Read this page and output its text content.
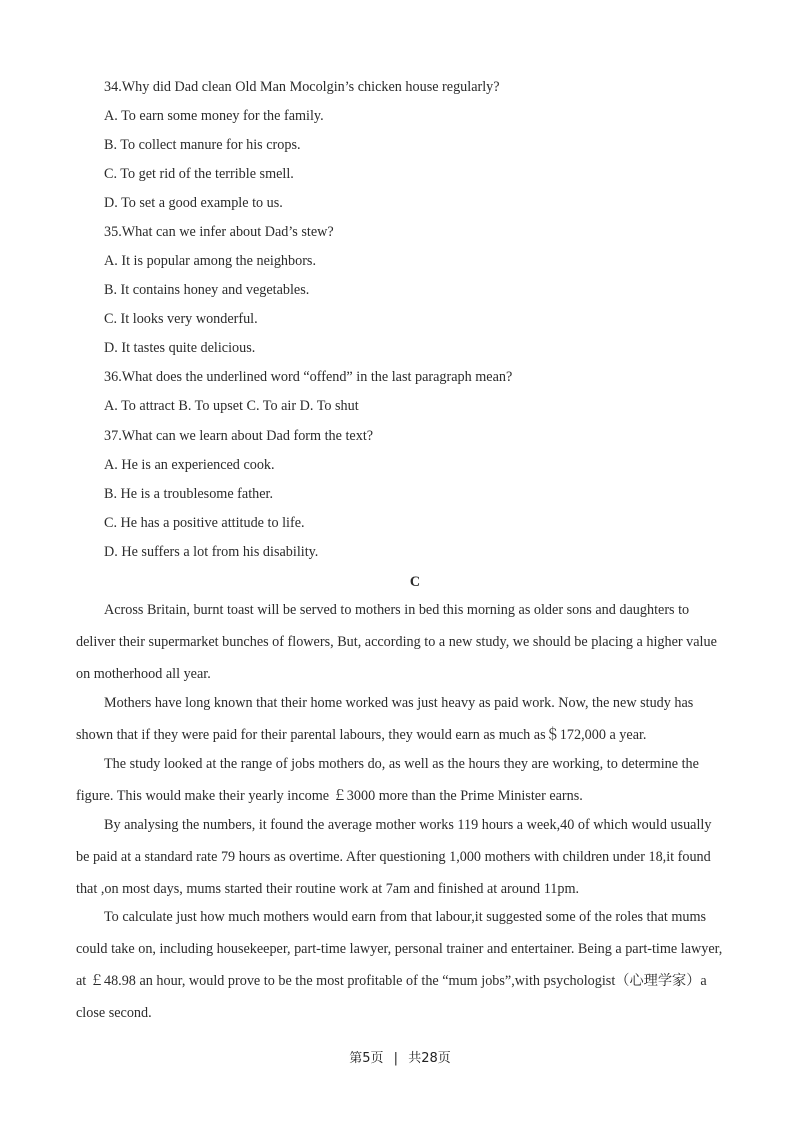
34.Why did Dad clean Old Man Mocolgin’s chicken house regularly?
A. To earn some money for the family.
B. To collect manure for his crops.
C. To get rid of the terrible smell.
D. To set a good example to us.
35.What can we infer about Dad’s stew?
A. It is popular among the neighbors.
B. It contains honey and vegetables.
C. It looks very wonderful.
D. It tastes quite delicious.
36.What does the underlined word “offend” in the last paragraph mean?
A. To attract B. To upset C. To air D. To shut
37.What can we learn about Dad form the text?
A. He is an experienced cook.
B. He is a troublesome father.
C. He has a positive attitude to life.
D. He suffers a lot from his disability.
C
Across Britain, burnt toast will be served to mothers in bed this morning as older sons and daughters to
deliver their supermarket bunches of flowers, But, according to a new study, we should be placing a higher value
on motherhood all year.
Mothers have long known that their home worked was just heavy as paid work. Now, the new study has
shown that if they were paid for their parental labours, they would earn as much as＄172,000 a year.
The study looked at the range of jobs mothers do, as well as the hours they are working, to determine the
figure. This would make their yearly income ￡3000 more than the Prime Minister earns.
By analysing the numbers, it found the average mother works 119 hours a week,40 of which would usually
be paid at a standard rate 79 hours as overtime. After questioning 1,000 mothers with children under 18,it found
that ,on most days, mums started their routine work at 7am and finished at around 11pm.
To calculate just how much mothers would earn from that labour,it suggested some of the roles that mums
could take on, including housekeeper, part-time lawyer, personal trainer and entertainer. Being a part-time lawyer,
at ￡48.98 an hour, would prove to be the most profitable of the “mum jobs”,with psychologist（心理学家）a
close second.
第5页 | 共28页
